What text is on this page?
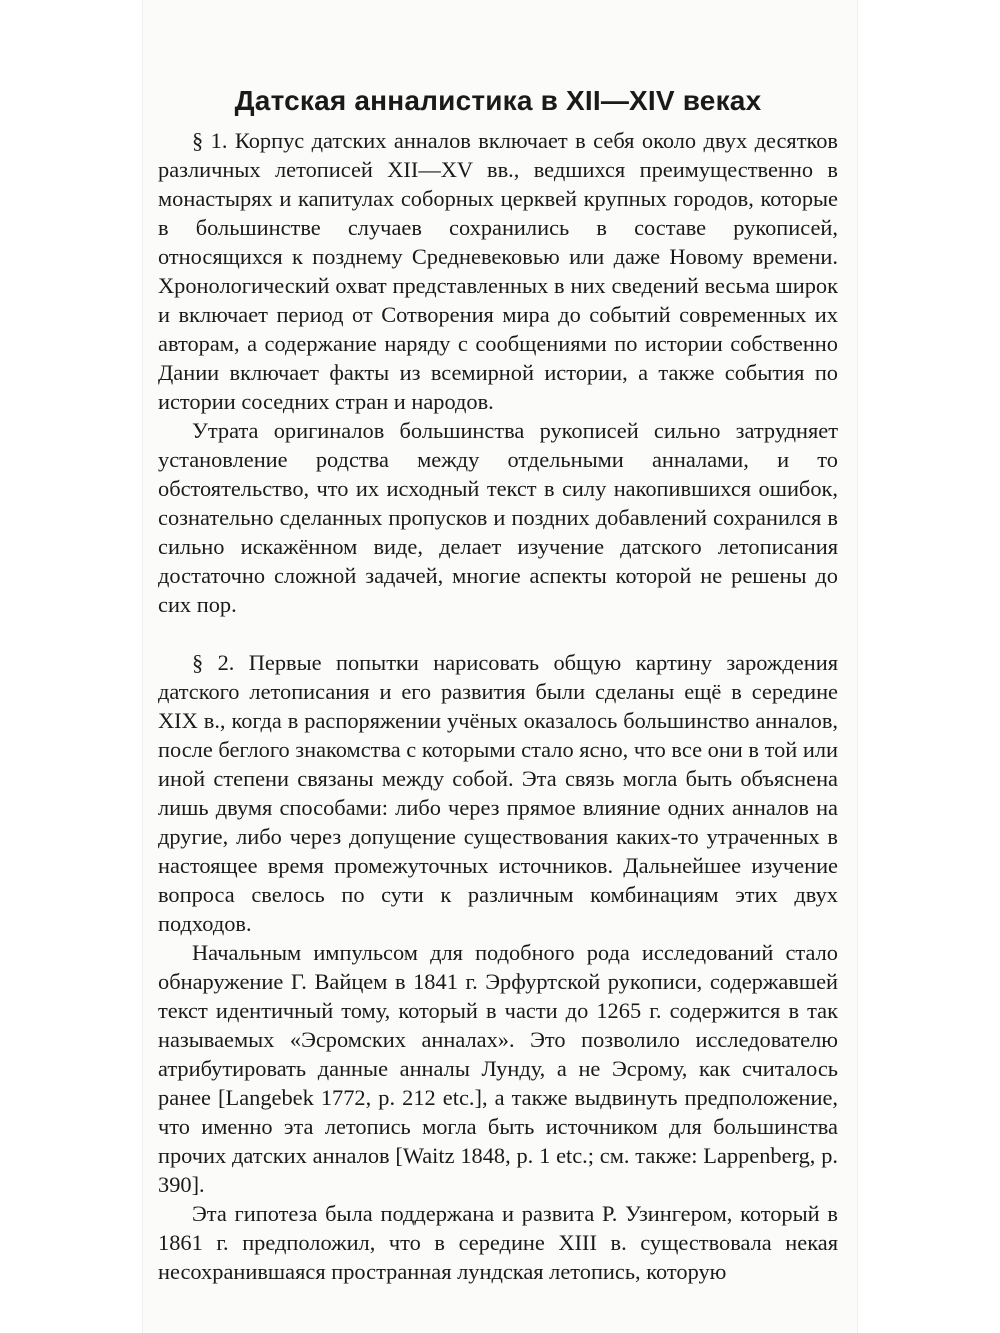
Датская анналистика в XII—XIV веках

§ 1. Корпус датских анналов включает в себя около двух десятков различных летописей XII—XV вв., ведшихся преимущественно в монастырях и капитулах соборных церквей крупных городов, которые в большинстве случаев сохранились в составе рукописей, относящихся к позднему Средневековью или даже Новому времени. Хронологический охват представленных в них сведений весьма широк и включает период от Сотворения мира до событий современных их авторам, а содержание наряду с сообщениями по истории собственно Дании включает факты из всемирной истории, а также события по истории соседних стран и народов.

Утрата оригиналов большинства рукописей сильно затрудняет установление родства между отдельными анналами, и то обстоятельство, что их исходный текст в силу накопившихся ошибок, сознательно сделанных пропусков и поздних добавлений сохранился в сильно искажённом виде, делает изучение датского летописания достаточно сложной задачей, многие аспекты которой не решены до сих пор.

§ 2. Первые попытки нарисовать общую картину зарождения датского летописания и его развития были сделаны ещё в середине XIX в., когда в распоряжении учёных оказалось большинство анналов, после беглого знакомства с которыми стало ясно, что все они в той или иной степени связаны между собой. Эта связь могла быть объяснена лишь двумя способами: либо через прямое влияние одних анналов на другие, либо через допущение существования каких-то утраченных в настоящее время промежуточных источников. Дальнейшее изучение вопроса свелось по сути к различным комбинациям этих двух подходов.

Начальным импульсом для подобного рода исследований стало обнаружение Г. Вайцем в 1841 г. Эрфуртской рукописи, содержавшей текст идентичный тому, который в части до 1265 г. содержится в так называемых «Эсромских анналах». Это позволило исследователю атрибутировать данные анналы Лунду, а не Эсрому, как считалось ранее [Langebek 1772, p. 212 etc.], а также выдвинуть предположение, что именно эта летопись могла быть источником для большинства прочих датских анналов [Waitz 1848, p. 1 etc.; см. также: Lappenberg, p. 390].

Эта гипотеза была поддержана и развита Р. Узингером, который в 1861 г. предположил, что в середине XIII в. существовала некая несохранившаяся пространная лундская летопись, которую
